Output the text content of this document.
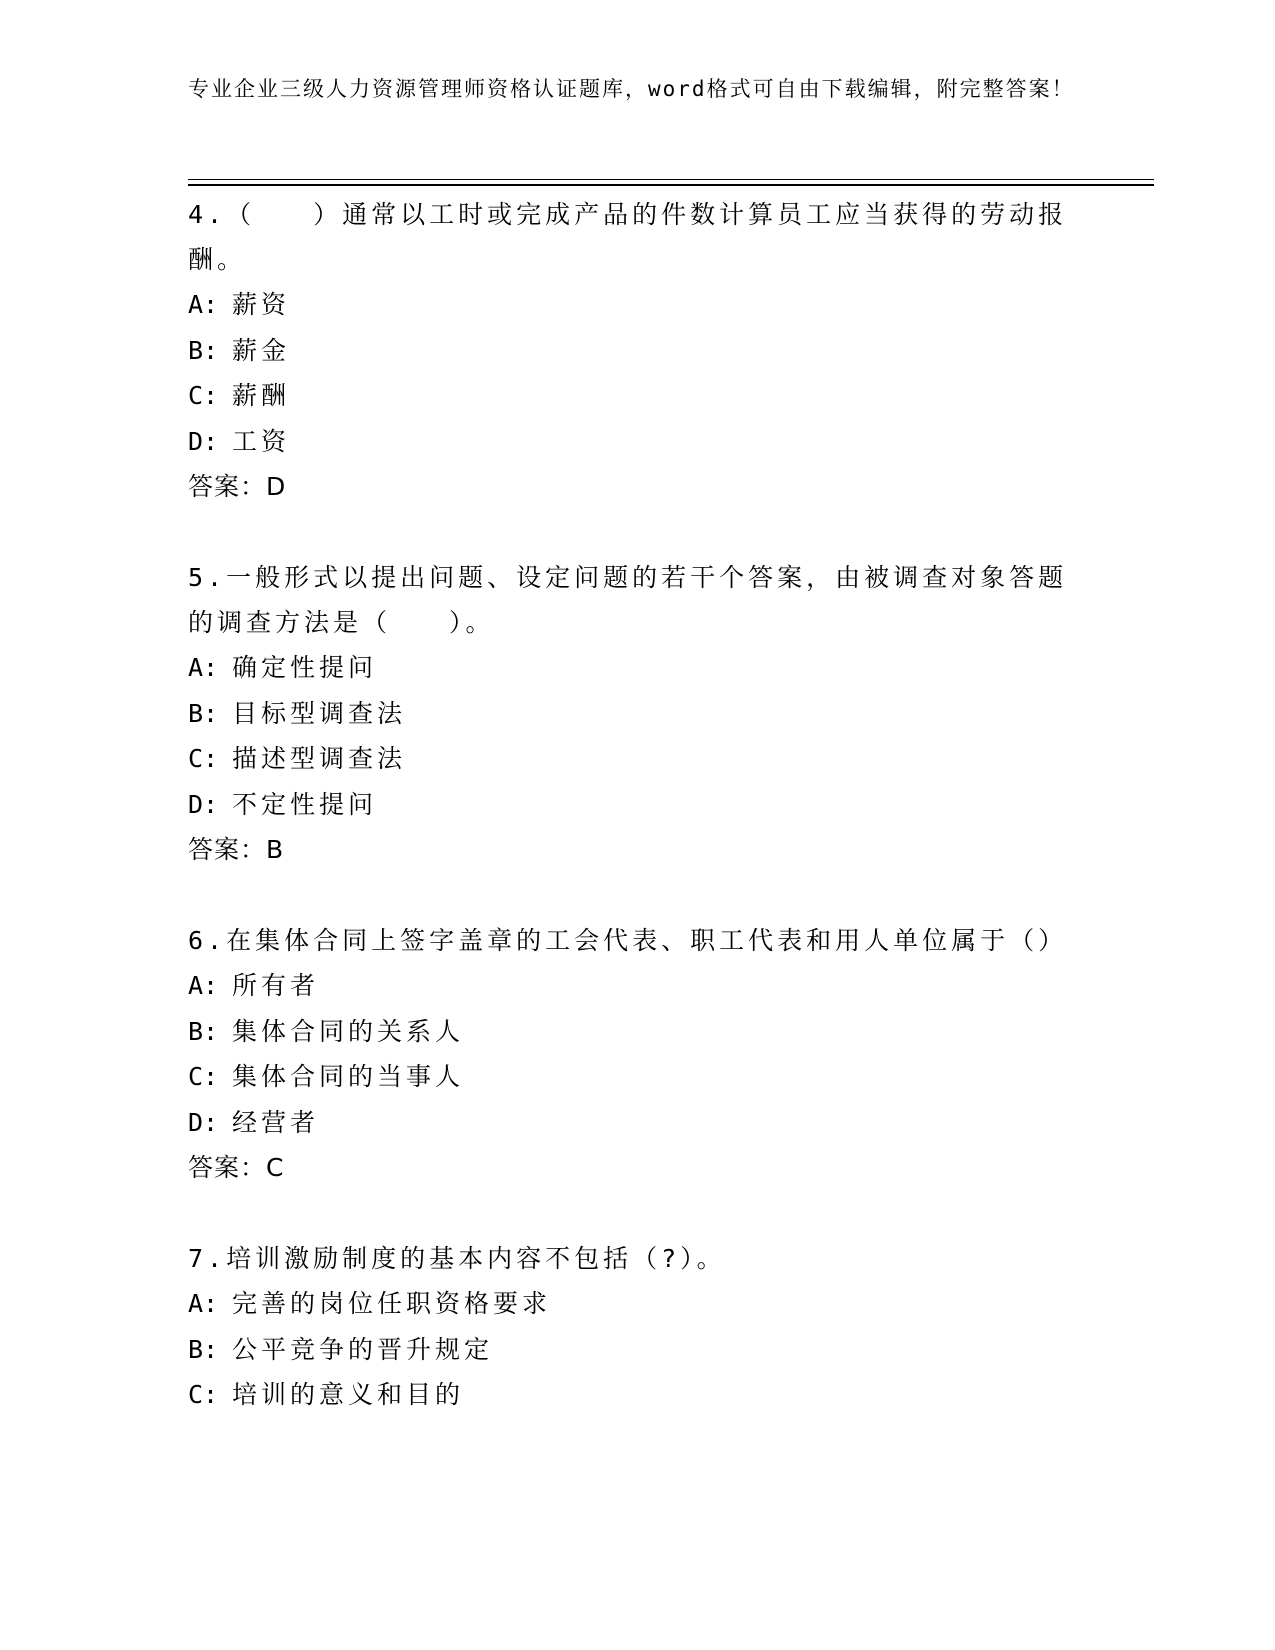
专业企业三级人力资源管理师资格认证题库，word格式可自由下载编辑，附完整答案！

4.（　　）通常以工时或完成产品的件数计算员工应当获得的劳动报酬。

A: 薪资

B: 薪金

C: 薪酬

D: 工资

答案：D

5.一般形式以提出问题、设定问题的若干个答案，由被调查对象答题的调查方法是（　　）。

A: 确定性提问

B: 目标型调查法

C: 描述型调查法

D: 不定性提问

答案：B

6.在集体合同上签字盖章的工会代表、职工代表和用人单位属于（）

A: 所有者

B: 集体合同的关系人

C: 集体合同的当事人

D: 经营者

答案：C

7.培训激励制度的基本内容不包括（?）。

A: 完善的岗位任职资格要求

B: 公平竞争的晋升规定

C: 培训的意义和目的
